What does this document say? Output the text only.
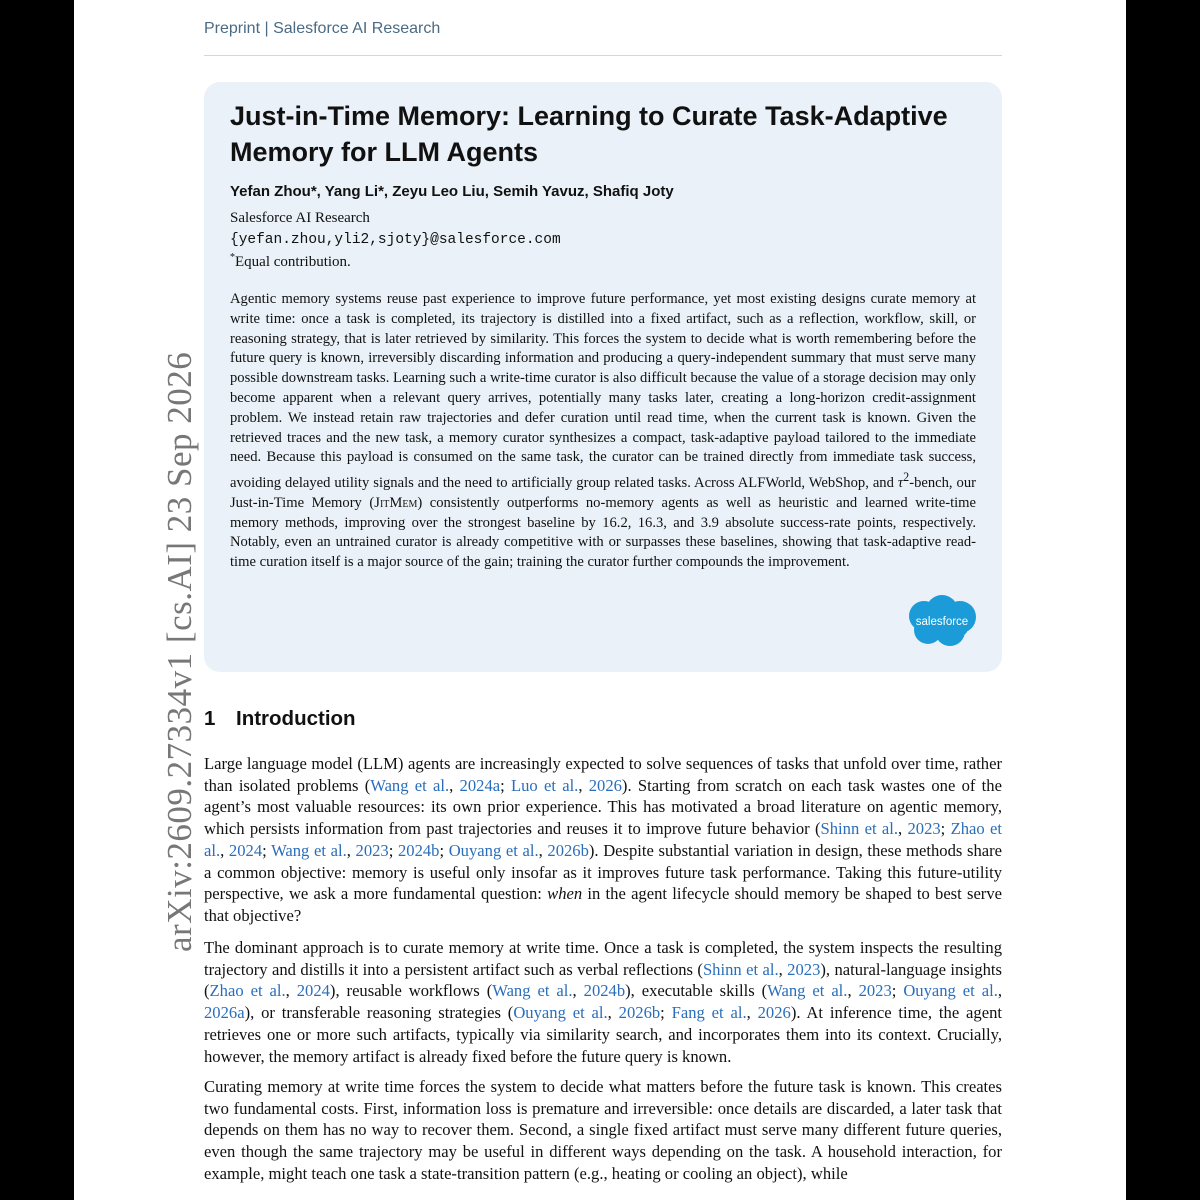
arXiv:2609.27334v1 [cs.AI] 23 Sep 2026
Preprint | Salesforce AI Research
Just-in-Time Memory: Learning to Curate Task-Adaptive Memory for LLM Agents
Yefan Zhou*, Yang Li*, Zeyu Leo Liu, Semih Yavuz, Shafiq Joty
Salesforce AI Research
{yefan.zhou,yli2,sjoty}@salesforce.com
*Equal contribution.

Agentic memory systems reuse past experience to improve future performance, yet most existing designs curate memory at write time: once a task is completed, its trajectory is distilled into a fixed artifact, such as a reflection, workflow, skill, or reasoning strategy, that is later retrieved by similarity. This forces the system to decide what is worth remembering before the future query is known, irreversibly discarding information and producing a query-independent summary that must serve many possible downstream tasks. Learning such a write-time curator is also difficult because the value of a storage decision may only become apparent when a relevant query arrives, potentially many tasks later, creating a long-horizon credit-assignment problem. We instead retain raw trajectories and defer curation until read time, when the current task is known. Given the retrieved traces and the new task, a memory curator synthesizes a compact, task-adaptive payload tailored to the immediate need. Because this payload is consumed on the same task, the curator can be trained directly from immediate task success, avoiding delayed utility signals and the need to artificially group related tasks. Across ALFWorld, WebShop, and $\tau^2$-bench, our Just-in-Time Memory (JitMem) consistently outperforms no-memory agents as well as heuristic and learned write-time memory methods, improving over the strongest baseline by 16.2, 16.3, and 3.9 absolute success-rate points, respectively. Notably, even an untrained curator is already competitive with or surpasses these baselines, showing that task-adaptive read-time curation itself is a major source of the gain; training the curator further compounds the improvement.

salesforce
1 Introduction

Large language model (LLM) agents are increasingly expected to solve sequences of tasks that unfold over time, rather than isolated problems (Wang et al., 2024a; Luo et al., 2026). Starting from scratch on each task wastes one of the agent’s most valuable resources: its own prior experience. This has motivated a broad literature on agentic memory, which persists information from past trajectories and reuses it to improve future behavior (Shinn et al., 2023; Zhao et al., 2024; Wang et al., 2023; 2024b; Ouyang et al., 2026b). Despite substantial variation in design, these methods share a common objective: memory is useful only insofar as it improves future task performance. Taking this future-utility perspective, we ask a more fundamental question: when in the agent lifecycle should memory be shaped to best serve that objective?

The dominant approach is to curate memory at write time. Once a task is completed, the system inspects the resulting trajectory and distills it into a persistent artifact such as verbal reflections (Shinn et al., 2023), natural-language insights (Zhao et al., 2024), reusable workflows (Wang et al., 2024b), executable skills (Wang et al., 2023; Ouyang et al., 2026a), or transferable reasoning strategies (Ouyang et al., 2026b; Fang et al., 2026). At inference time, the agent retrieves one or more such artifacts, typically via similarity search, and incorporates them into its context. Crucially, however, the memory artifact is already fixed before the future query is known.

Curating memory at write time forces the system to decide what matters before the future task is known. This creates two fundamental costs. First, information loss is premature and irreversible: once details are discarded, a later task that depends on them has no way to recover them. Second, a single fixed artifact must serve many different future queries, even though the same trajectory may be useful in different ways depending on the task. A household interaction, for example, might teach one task a state-transition pattern (e.g., heating or cooling an object), while
